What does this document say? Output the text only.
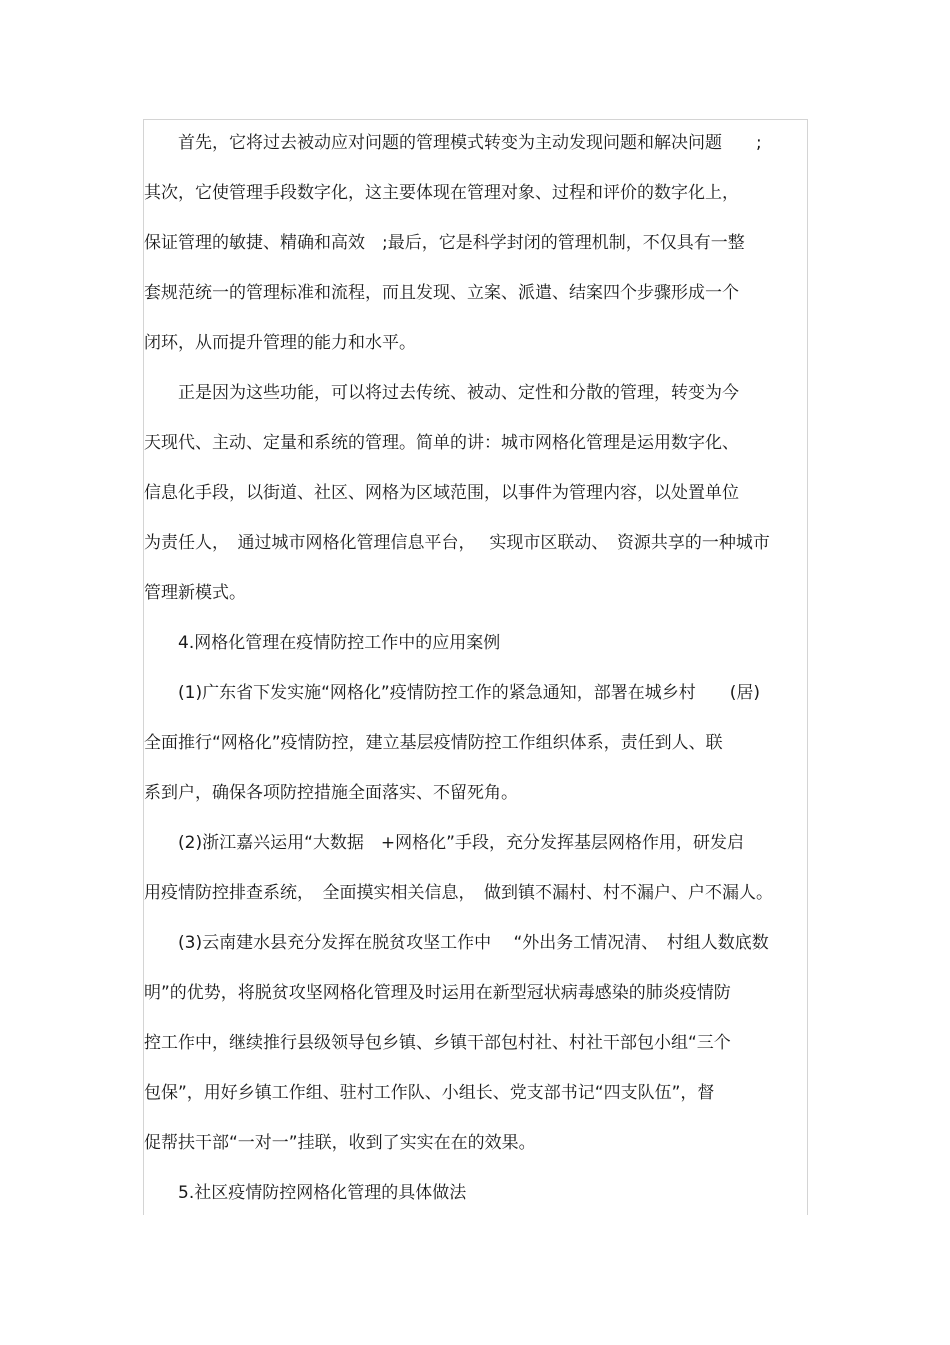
首先，它将过去被动应对问题的管理模式转变为主动发现问题和解决问题　　;
其次，它使管理手段数字化，这主要体现在管理对象、过程和评价的数字化上，
保证管理的敏捷、精确和高效　;最后，它是科学封闭的管理机制，不仅具有一整
套规范统一的管理标准和流程，而且发现、立案、派遣、结案四个步骤形成一个
闭环，从而提升管理的能力和水平。
正是因为这些功能，可以将过去传统、被动、定性和分散的管理，转变为今
天现代、主动、定量和系统的管理。简单的讲：城市网格化管理是运用数字化、
信息化手段，以街道、社区、网格为区域范围，以事件为管理内容，以处置单位
为责任人，　通过城市网格化管理信息平台，　 实现市区联动、　资源共享的一种城市
管理新模式。
4.网格化管理在疫情防控工作中的应用案例
(1)广东省下发实施“网格化”疫情防控工作的紧急通知，部署在城乡村　　(居)
全面推行“网格化”疫情防控，建立基层疫情防控工作组织体系，责任到人、联
系到户，确保各项防控措施全面落实、不留死角。
(2)浙江嘉兴运用“大数据　+网格化”手段，充分发挥基层网格作用，研发启
用疫情防控排查系统，　全面摸实相关信息，　做到镇不漏村、村不漏户、户不漏人。
(3)云南建水县充分发挥在脱贫攻坚工作中　 “外出务工情况清、　村组人数底数
明”的优势，将脱贫攻坚网格化管理及时运用在新型冠状病毒感染的肺炎疫情防
控工作中，继续推行县级领导包乡镇、乡镇干部包村社、村社干部包小组“三个
包保”，用好乡镇工作组、驻村工作队、小组长、党支部书记“四支队伍”，督
促帮扶干部“一对一”挂联，收到了实实在在的效果。
5.社区疫情防控网格化管理的具体做法
